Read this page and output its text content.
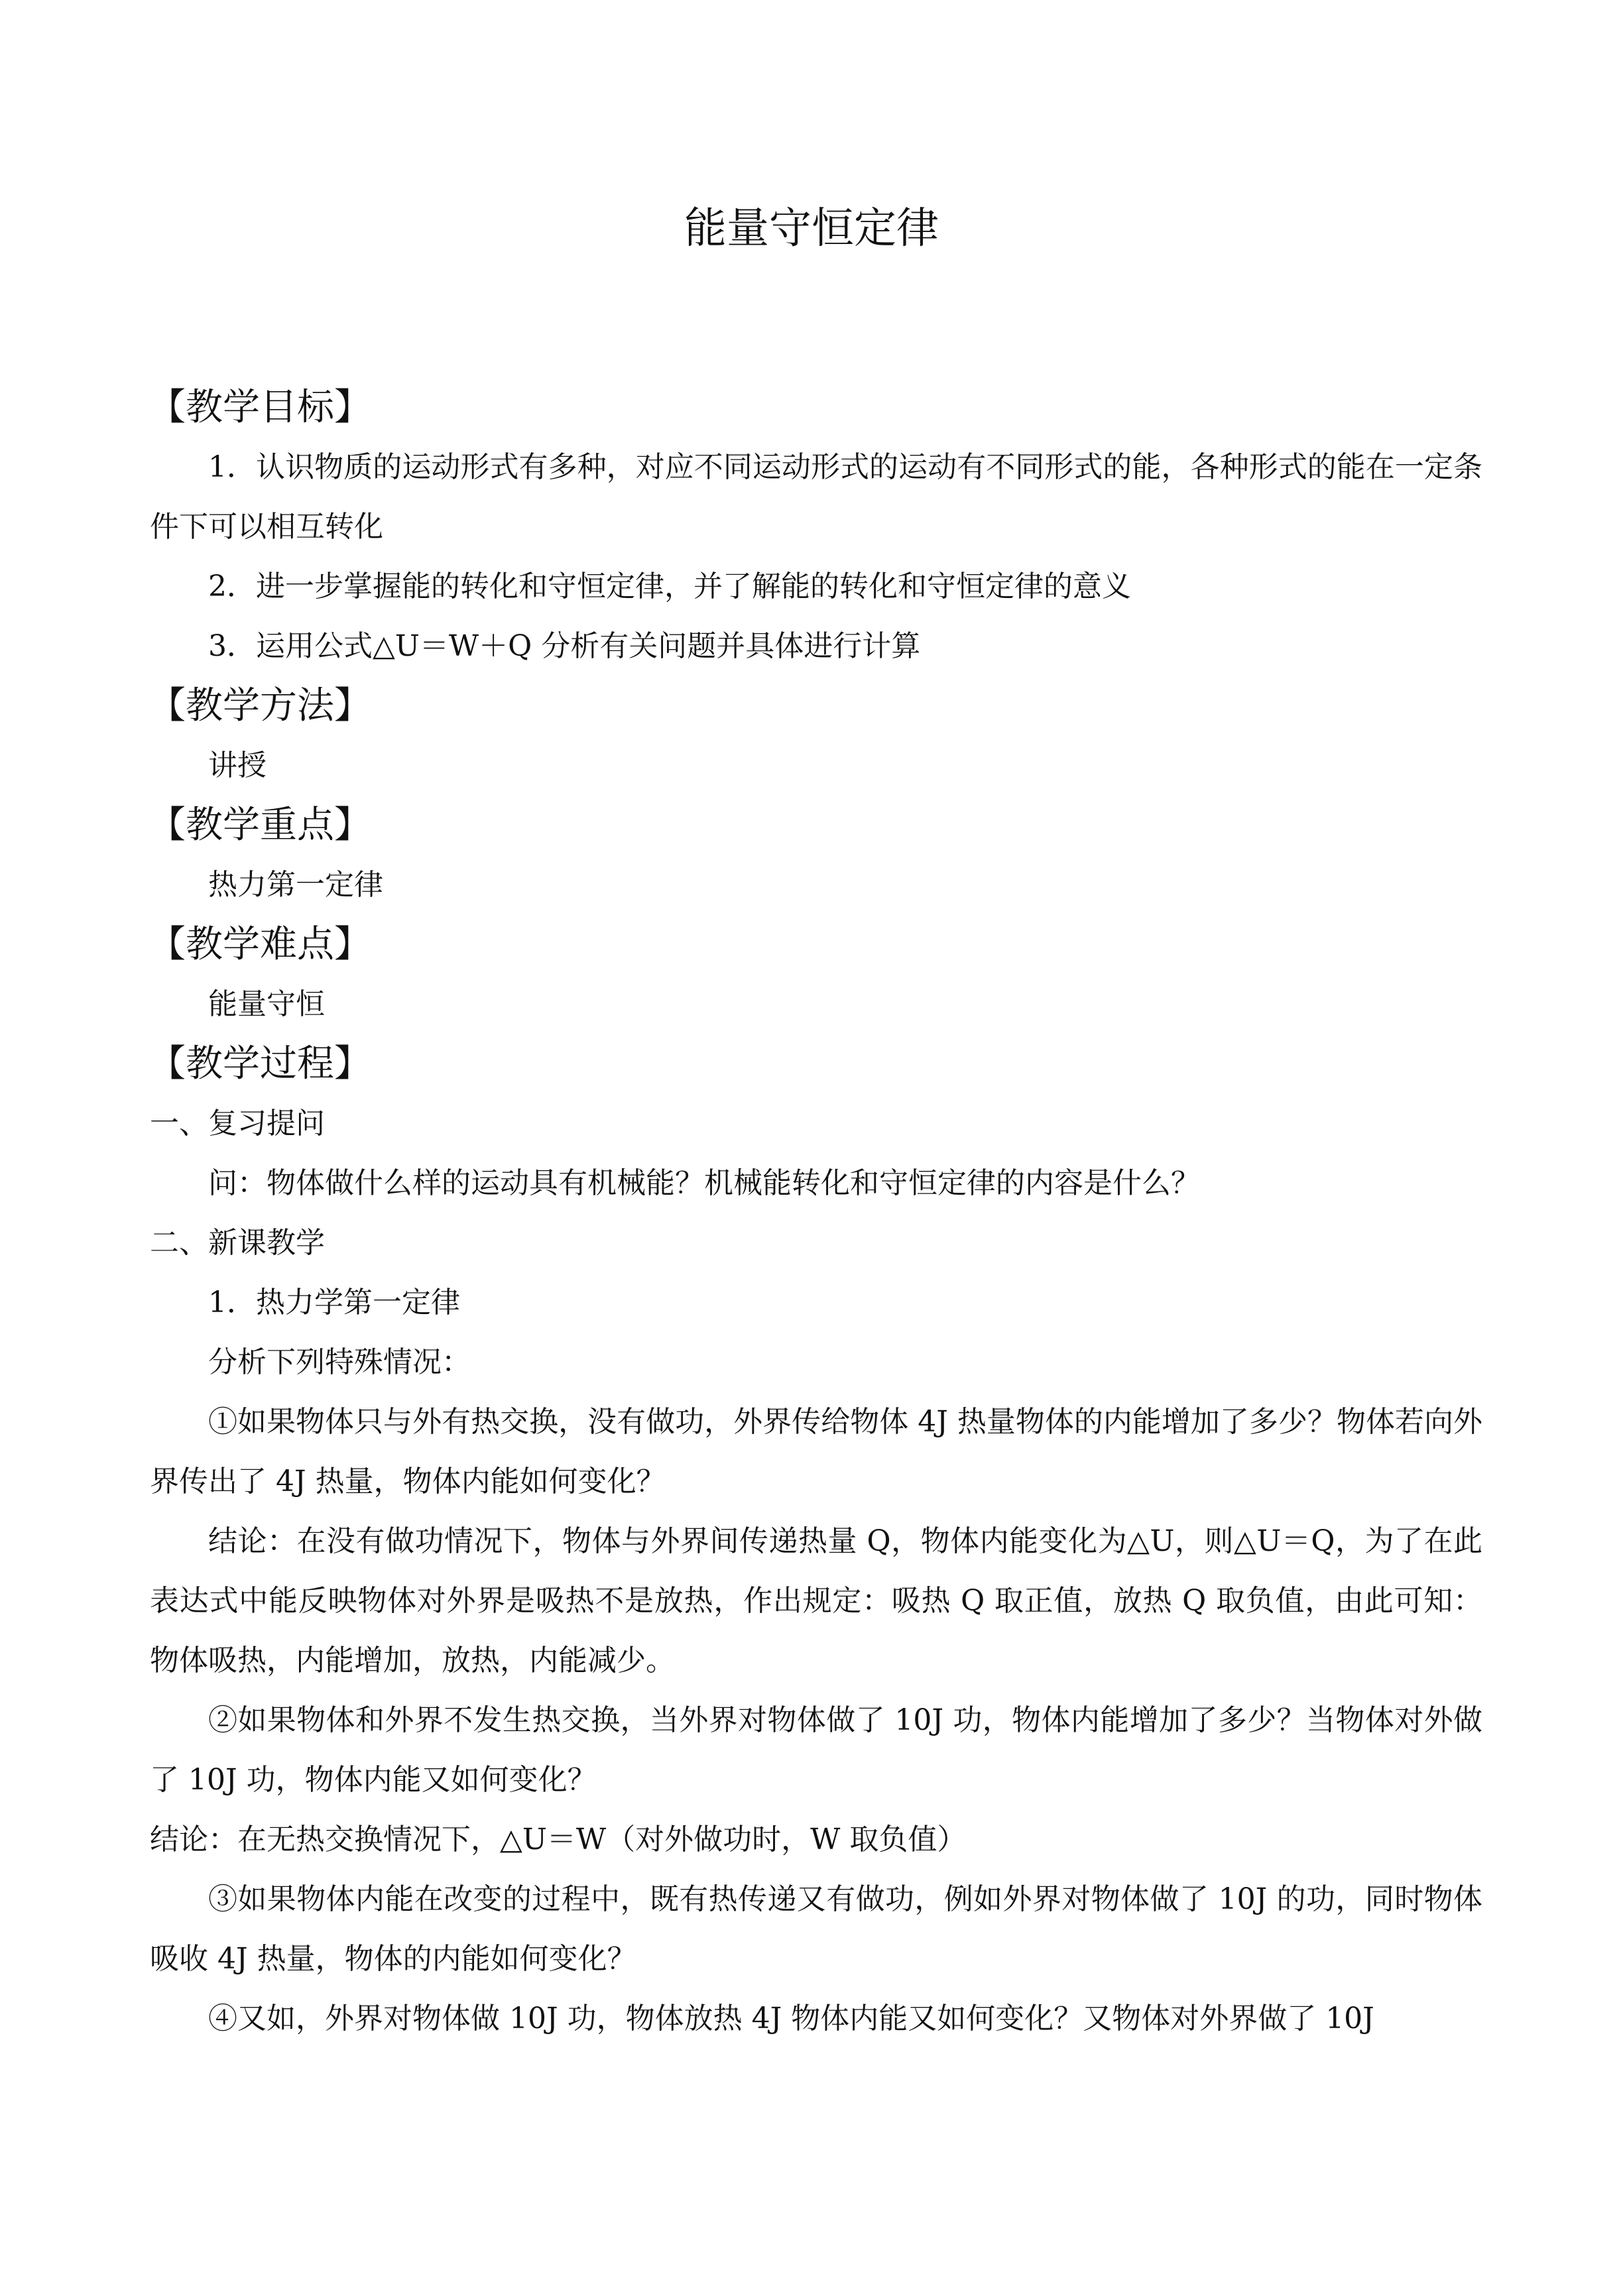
能量守恒定律
【教学目标】
1．认识物质的运动形式有多种，对应不同运动形式的运动有不同形式的能，各种形式的能在一定条件下可以相互转化
2．进一步掌握能的转化和守恒定律，并了解能的转化和守恒定律的意义
3．运用公式△U＝W＋Q 分析有关问题并具体进行计算
【教学方法】
讲授
【教学重点】
热力第一定律
【教学难点】
能量守恒
【教学过程】
一、复习提问
问：物体做什么样的运动具有机械能？机械能转化和守恒定律的内容是什么？
二、新课教学
1．热力学第一定律
分析下列特殊情况：
①如果物体只与外有热交换，没有做功，外界传给物体 4J 热量物体的内能增加了多少？物体若向外界传出了 4J 热量，物体内能如何变化？
结论：在没有做功情况下，物体与外界间传递热量 Q，物体内能变化为△U，则△U＝Q，为了在此表达式中能反映物体对外界是吸热不是放热，作出规定：吸热 Q 取正值，放热 Q 取负值，由此可知：物体吸热，内能增加，放热，内能减少。
②如果物体和外界不发生热交换，当外界对物体做了 10J 功，物体内能增加了多少？当物体对外做了 10J 功，物体内能又如何变化？
结论：在无热交换情况下，△U＝W（对外做功时，W 取负值）
③如果物体内能在改变的过程中，既有热传递又有做功，例如外界对物体做了 10J 的功，同时物体吸收 4J 热量，物体的内能如何变化？
④又如，外界对物体做 10J 功，物体放热 4J 物体内能又如何变化？又物体对外界做了 10J
